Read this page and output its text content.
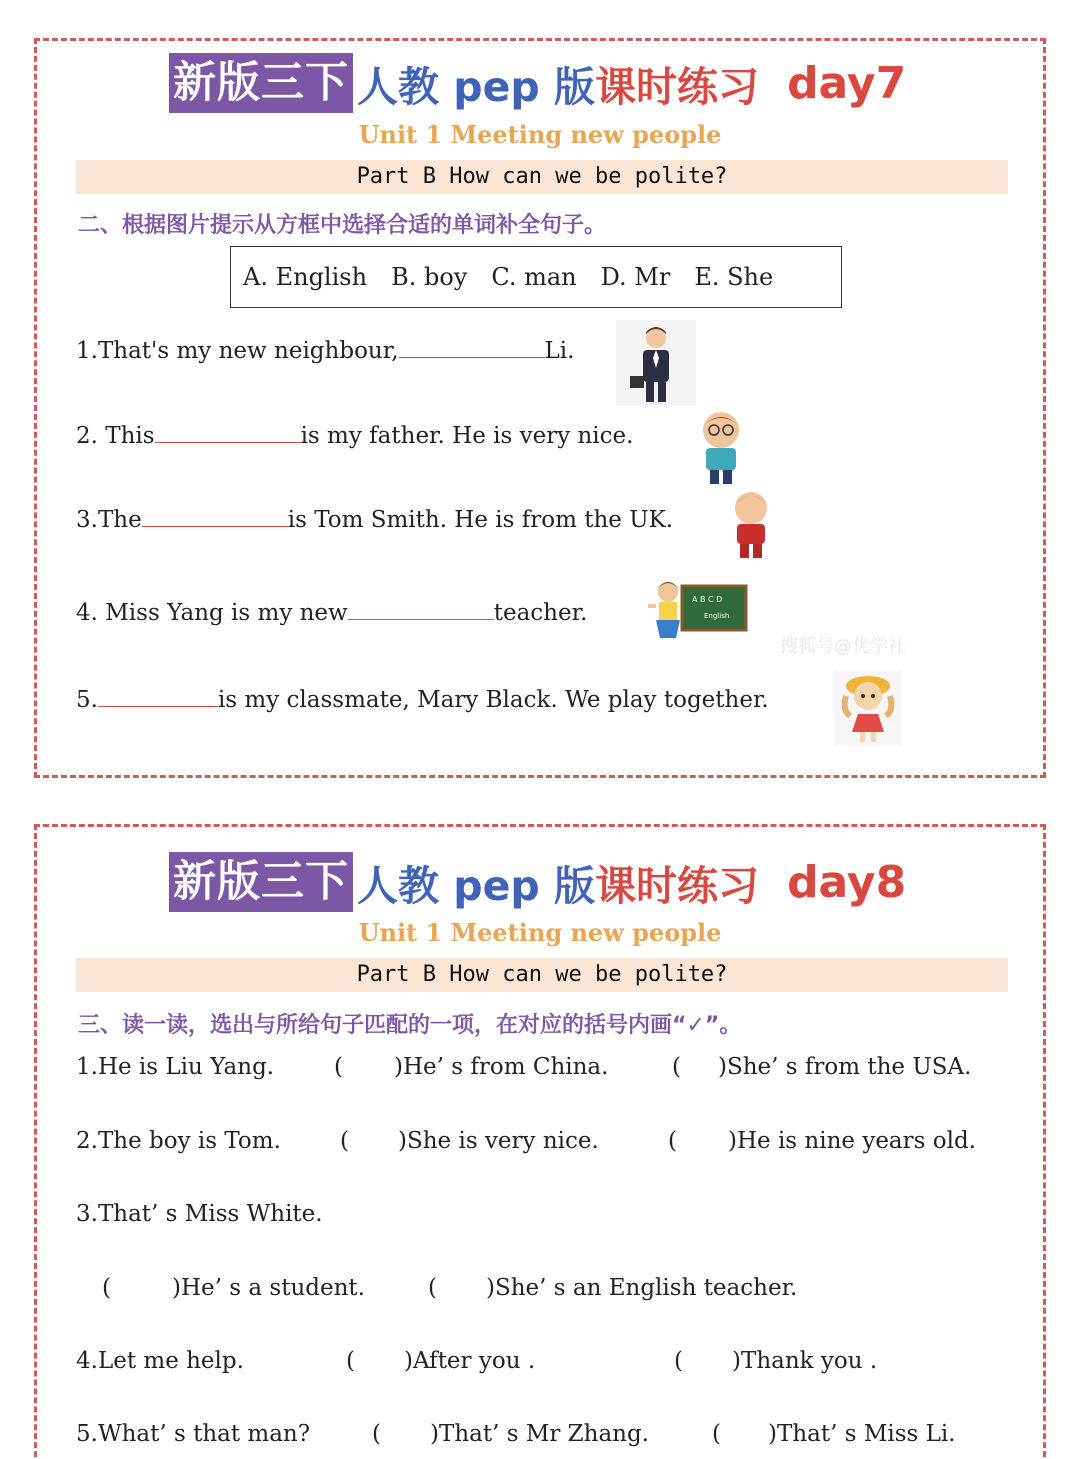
新版三下 人教 pep 版 课时练习 day7
Unit 1 Meeting new people
Part B How can we be polite?
二、根据图片提示从方框中选择合适的单词补全句子。
A. English B. boy C. man D. Mr E. She
1.That's my new neighbour,	Li.
2. This	is my father. He is very nice.
3.The	is Tom Smith. He is from the UK.
4. Miss Yang is my new	teacher.
A B C D
English
5.	is my classmate, Mary Black. We play together.
搜狐号@优学社
新版三下 人教 pep 版 课时练习 day8
Unit 1 Meeting new people
Part B How can we be polite?
三、读一读，选出与所给句子匹配的一项，在对应的括号内画“✓”。
1.He is Liu Yang.	( )He’ s from China.	( )She’ s from the USA.
2.The boy is Tom.	( )She is very nice.	( )He is nine years old.
3.That’ s Miss White.
(	)He’ s a student.	( )She’ s an English teacher.
4.Let me help.	( )After you .	( )Thank you .
5.What’ s that man?	( )That’ s Mr Zhang.	( )That’ s Miss Li.
